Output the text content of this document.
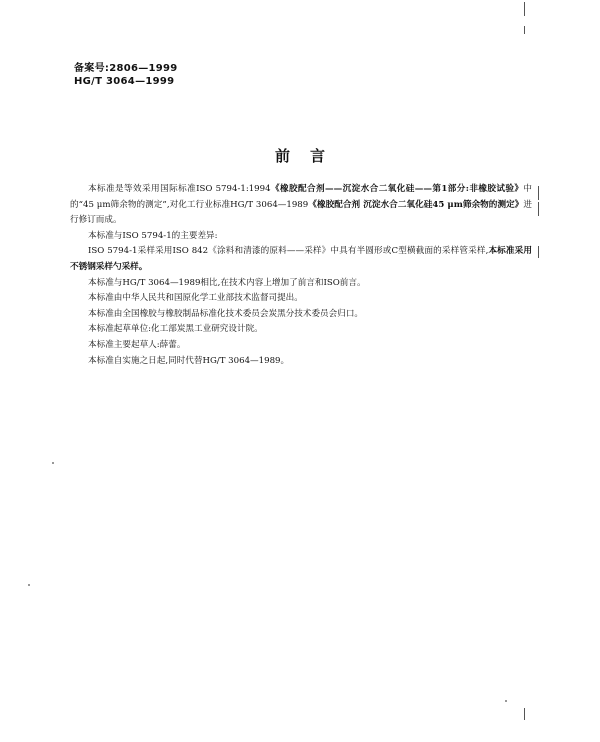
备案号:2806—1999
HG/T 3064—1999
前言

本标准是等效采用国际标准ISO 5794-1:1994《橡胶配合剂——沉淀水合二氧化硅——第1部分:非橡胶试验》中的“45 μm筛余物的测定”,对化工行业标准HG/T 3064—1989《橡胶配合剂 沉淀水合二氧化硅45 μm筛余物的测定》进行修订而成。

本标准与ISO 5794-1的主要差异:

ISO 5794-1采样采用ISO 842《涂料和清漆的原料——采样》中具有半圆形或C型横截面的采样管采样,本标准采用不锈钢采样勺采样。

本标准与HG/T 3064—1989相比,在技术内容上增加了前言和ISO前言。

本标准由中华人民共和国原化学工业部技术监督司提出。

本标准由全国橡胶与橡胶制品标准化技术委员会炭黑分技术委员会归口。

本标准起草单位:化工部炭黑工业研究设计院。

本标准主要起草人:薛蕾。

本标准自实施之日起,同时代替HG/T 3064—1989。
